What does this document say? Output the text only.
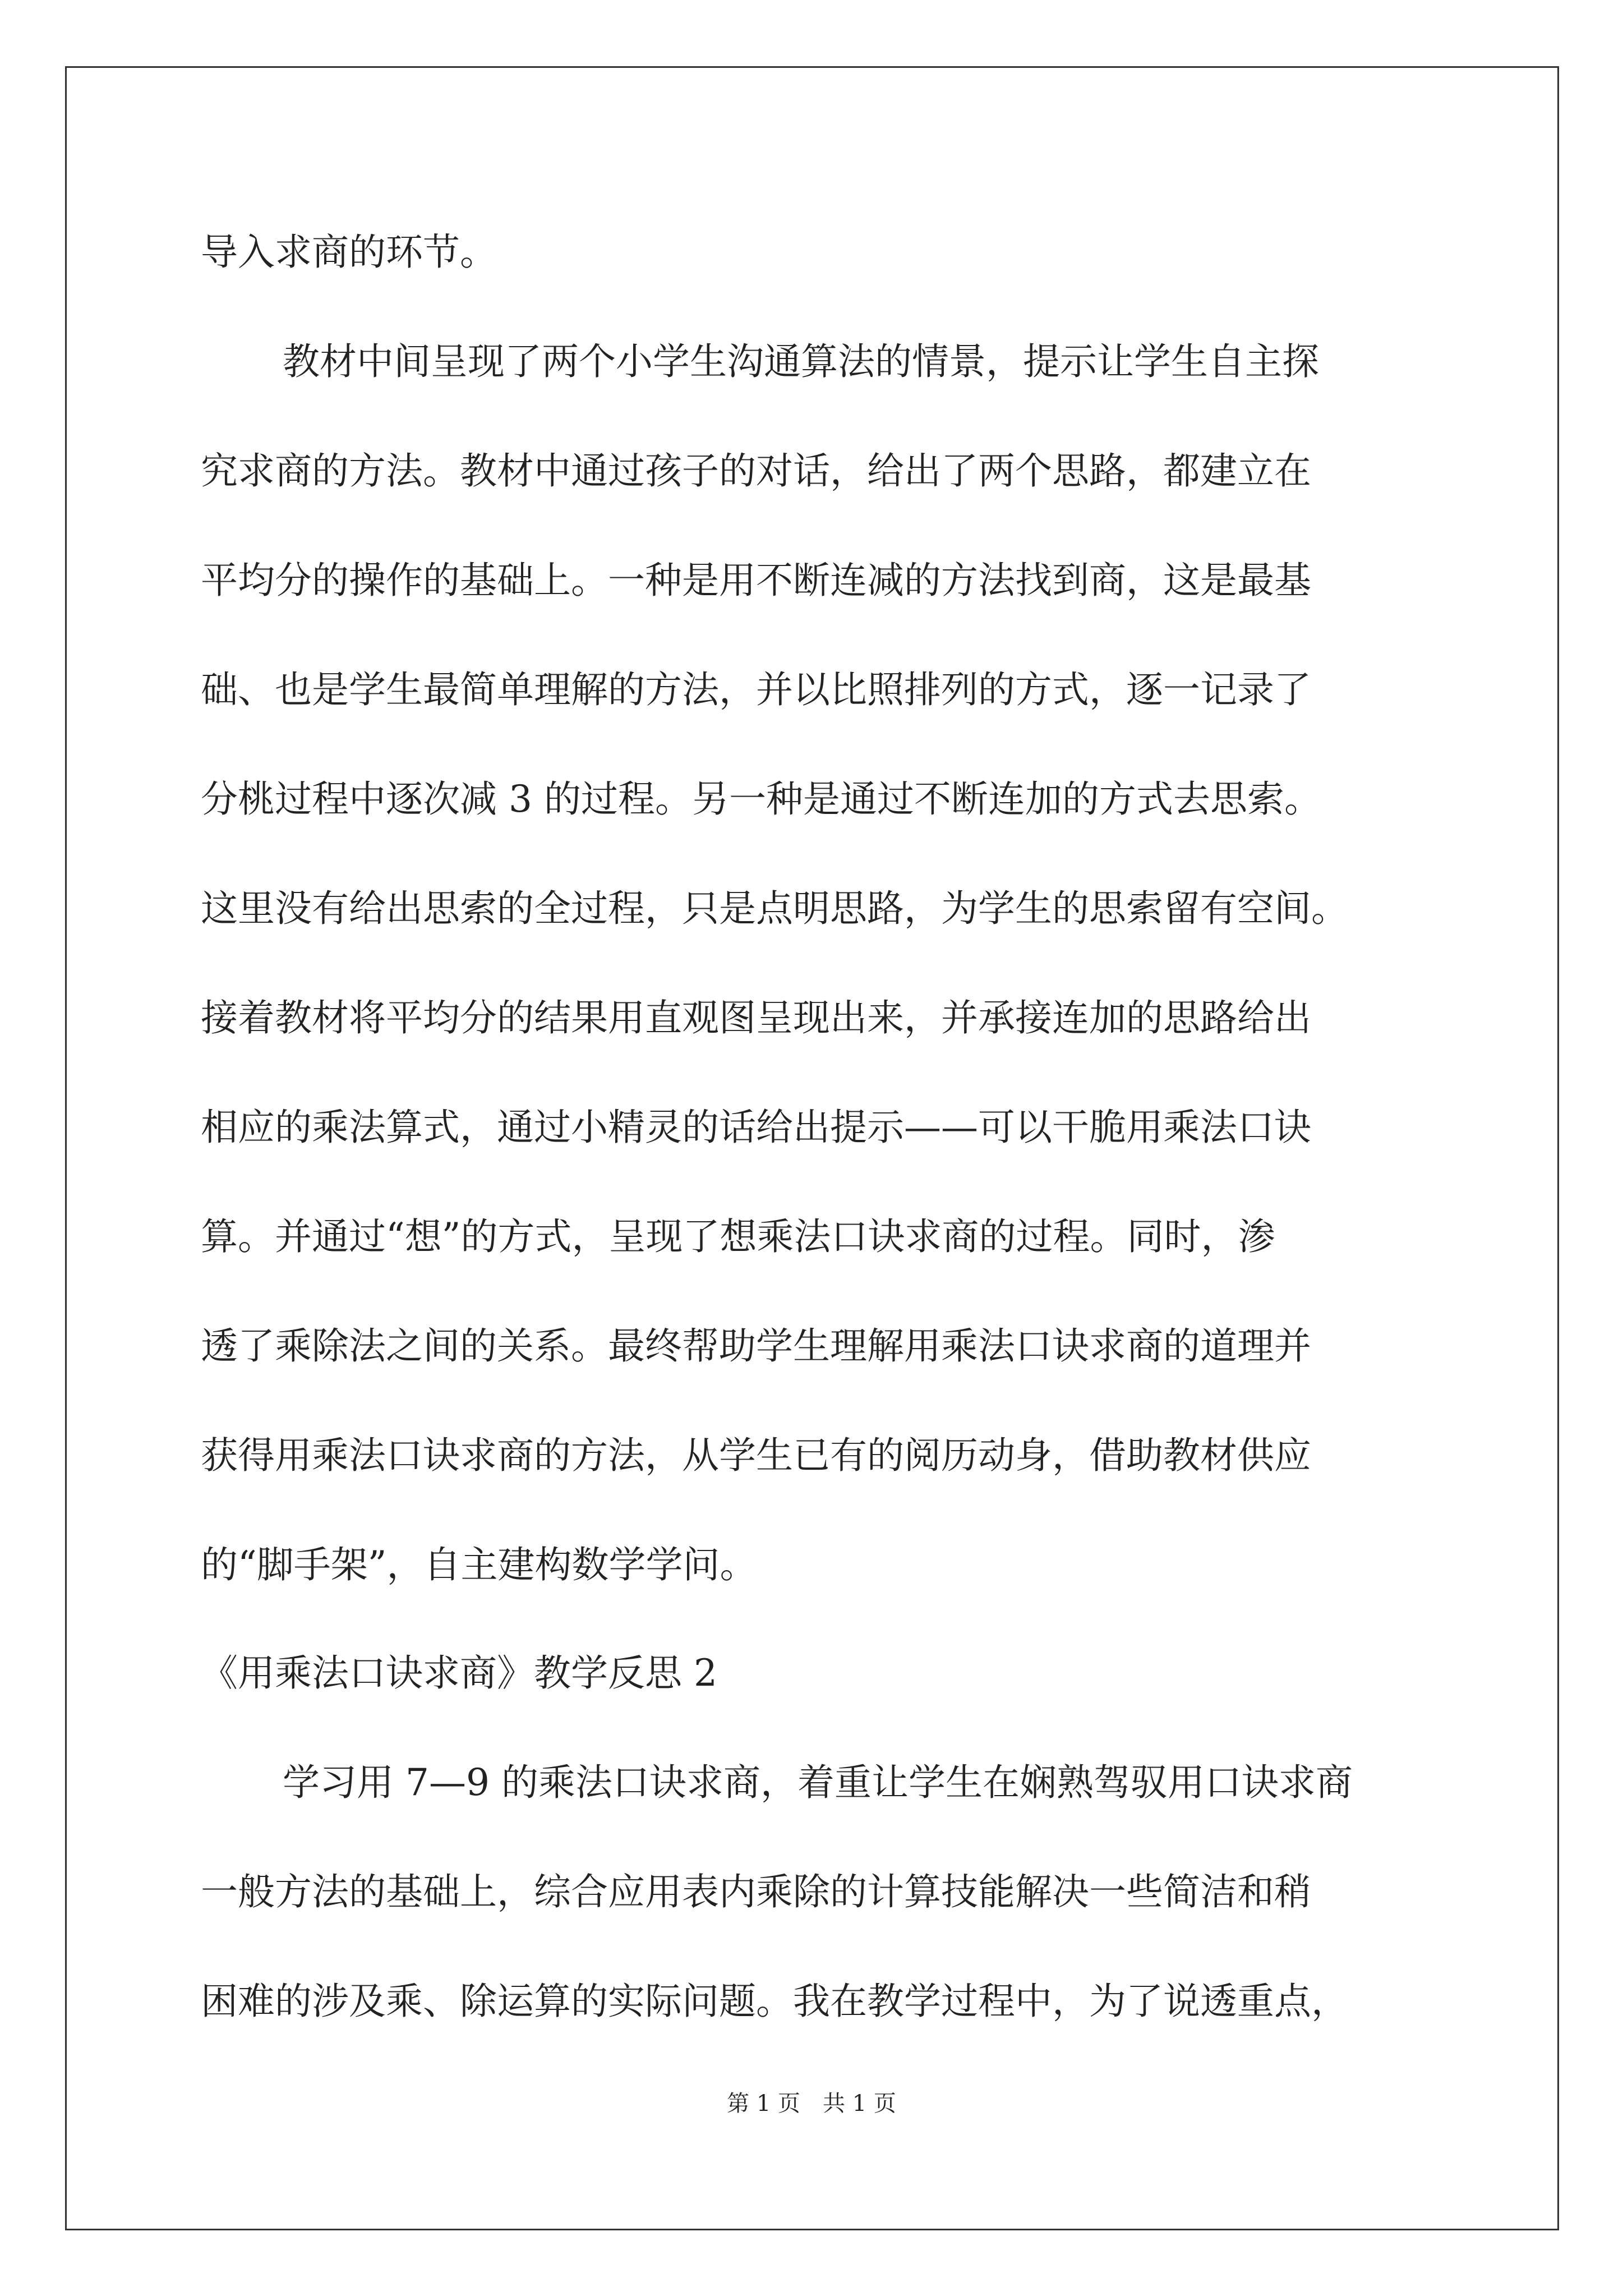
导入求商的环节。
教材中间呈现了两个小学生沟通算法的情景，提示让学生自主探
究求商的方法。教材中通过孩子的对话，给出了两个思路，都建立在
平均分的操作的基础上。一种是用不断连减的方法找到商，这是最基
础、也是学生最简单理解的方法，并以比照排列的方式，逐一记录了
分桃过程中逐次减 3 的过程。另一种是通过不断连加的方式去思索。
这里没有给出思索的全过程，只是点明思路，为学生的思索留有空间。
接着教材将平均分的结果用直观图呈现出来，并承接连加的思路给出
相应的乘法算式，通过小精灵的话给出提示——可以干脆用乘法口诀
算。并通过“想”的方式，呈现了想乘法口诀求商的过程。同时，渗
透了乘除法之间的关系。最终帮助学生理解用乘法口诀求商的道理并
获得用乘法口诀求商的方法，从学生已有的阅历动身，借助教材供应
的“脚手架”，自主建构数学学问。
《用乘法口诀求商》教学反思 2
学习用 7—9 的乘法口诀求商，着重让学生在娴熟驾驭用口诀求商
一般方法的基础上，综合应用表内乘除的计算技能解决一些简洁和稍
困难的涉及乘、除运算的实际问题。我在教学过程中，为了说透重点，
第 1 页　共 1 页
